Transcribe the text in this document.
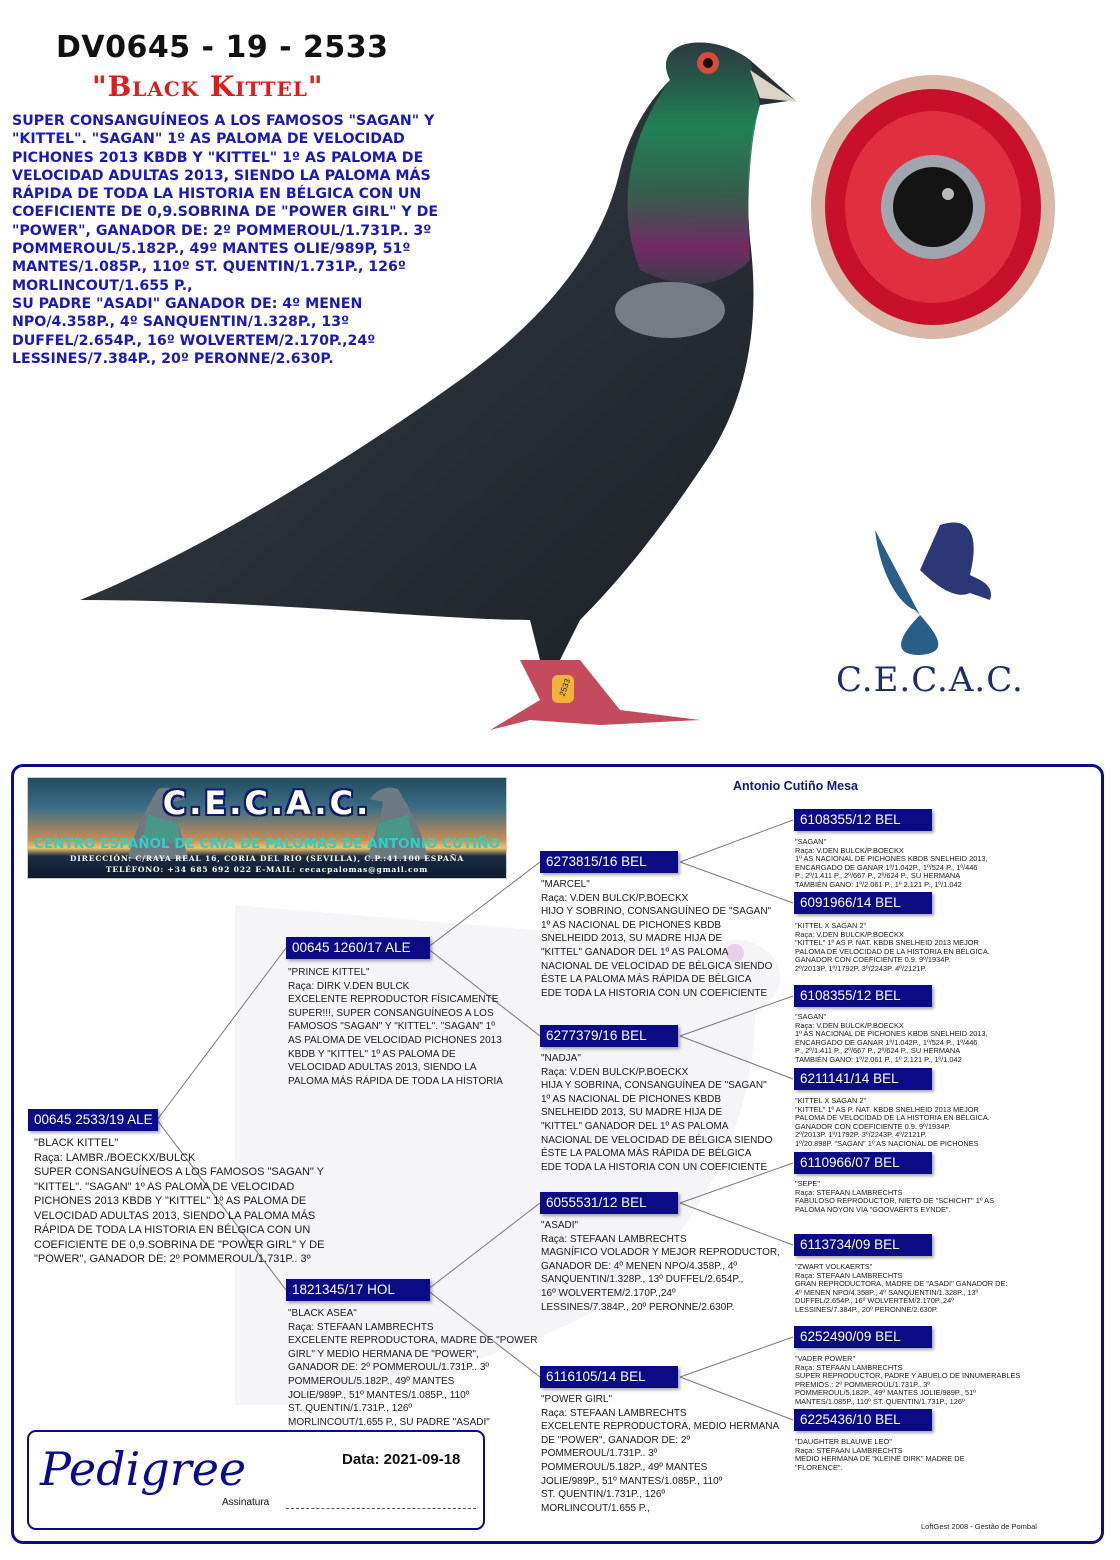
C.E.C.A.C.
DV0645 - 19 - 2533
"Black Kittel"
SUPER CONSANGUÍNEOS A LOS FAMOSOS "SAGAN" Y
"KITTEL". "SAGAN" 1º AS PALOMA DE VELOCIDAD
PICHONES 2013 KBDB Y "KITTEL" 1º AS PALOMA DE
VELOCIDAD ADULTAS 2013, SIENDO LA PALOMA MÁS
RÁPIDA DE TODA LA HISTORIA EN BÉLGICA CON UN
COEFICIENTE DE 0,9.SOBRINA DE "POWER GIRL" Y DE
"POWER", GANADOR DE: 2º POMMEROUL/1.731P.. 3º
POMMEROUL/5.182P., 49º MANTES OLIE/989P, 51º
MANTES/1.085P., 110º ST. QUENTIN/1.731P., 126º
MORLINCOUT/1.655 P.,
SU PADRE "ASADI" GANADOR DE: 4º MENEN
NPO/4.358P., 4º SANQUENTIN/1.328P., 13º
DUFFEL/2.654P., 16º WOLVERTEM/2.170P.,24º
LESSINES/7.384P., 20º PERONNE/2.630P.
2533
C.E.C.A.C.
CENTRO ESPAÑOL DE CRIA DE PALOMAS DE ANTONIO CUTIÑO
DIRECCIÓN: C/RAYA REAL 16, CORIA DEL RIO (SEVILLA), C.P.:41.100 ESPAÑA
TELÉFONO: +34 685 692 022 E-MAIL: cecacpalomas@gmail.com
Antonio Cutiño Mesa
00645 2533/19 ALE
"BLACK KITTEL"
Raça: LAMBR./BOECKX/BULCK
SUPER CONSANGUÍNEOS A LOS FAMOSOS "SAGAN" Y
"KITTEL". "SAGAN" 1º AS PALOMA DE VELOCIDAD
PICHONES 2013 KBDB Y "KITTEL" 1º AS PALOMA DE
VELOCIDAD ADULTAS 2013, SIENDO LA PALOMA MÁS
RÁPIDA DE TODA LA HISTORIA EN BÉLGICA CON UN
COEFICIENTE DE 0,9.SOBRINA DE "POWER GIRL" Y DE
"POWER", GANADOR DE: 2º POMMEROUL/1.731P.. 3º
00645 1260/17 ALE
"PRINCE KITTEL"
Raça: DIRK V.DEN BULCK
EXCELENTE REPRODUCTOR FÍSICAMENTE
SUPER!!!, SUPER CONSANGUÍNEOS A LOS
FAMOSOS "SAGAN" Y "KITTEL". "SAGAN" 1º
AS PALOMA DE VELOCIDAD PICHONES 2013
KBDB Y "KITTEL" 1º AS PALOMA DE
VELOCIDAD ADULTAS 2013, SIENDO LA
PALOMA MÁS RÁPIDA DE TODA LA HISTORIA
1821345/17 HOL
"BLACK ASEA"
Raça: STEFAAN LAMBRECHTS
EXCELENTE REPRODUCTORA, MADRE DE "POWER
GIRL" Y MEDIO HERMANA DE "POWER",
GANADOR DE: 2º POMMEROUL/1.731P.. 3º
POMMEROUL/5.182P., 49º MANTES
JOLIE/989P., 51º MANTES/1.085P., 110º
ST. QUENTIN/1.731P., 126º
MORLINCOUT/1.655 P., SU PADRE "ASADI"
6273815/16 BEL
"MARCEL"
Raça: V.DEN BULCK/P.BOECKX
HIJO Y SOBRINO, CONSANGUÍNEO DE "SAGAN"
1º AS NACIONAL DE PICHONES KBDB
SNELHEIDD 2013, SU MADRE HIJA DE
"KITTEL" GANADOR DEL 1º AS PALOMA
NACIONAL DE VELOCIDAD DE BÉLGICA SIENDO
ÉSTE LA PALOMA MÁS RÁPIDA DE BÉLGICA
EDE TODA LA HISTORIA CON UN COEFICIENTE
6277379/16 BEL
"NADJA"
Raça: V.DEN BULCK/P.BOECKX
HIJA Y SOBRINA, CONSANGUÍNEA DE "SAGAN"
1º AS NACIONAL DE PICHONES KBDB
SNELHEIDD 2013, SU MADRE HIJA DE
"KITTEL" GANADOR DEL 1º AS PALOMA
NACIONAL DE VELOCIDAD DE BÉLGICA SIENDO
ÉSTE LA PALOMA MÁS RÁPIDA DE BÉLGICA
EDE TODA LA HISTORIA CON UN COEFICIENTE
6055531/12 BEL
"ASADI"
Raça: STEFAAN LAMBRECHTS
MAGNÍFICO VOLADOR Y MEJOR REPRODUCTOR,
GANADOR DE: 4º MENEN NPO/4.358P., 4º
SANQUENTIN/1.328P., 13º DUFFEL/2.654P.,
16º WOLVERTEM/2.170P.,24º
LESSINES/7.384P., 20º PERONNE/2.630P.
6116105/14 BEL
"POWER GIRL"
Raça: STEFAAN LAMBRECHTS
EXCELENTE REPRODUCTORA, MEDIO HERMANA
DE "POWER", GANADOR DE: 2º
POMMEROUL/1.731P.. 3º
POMMEROUL/5.182P., 49º MANTES
JOLIE/989P., 51º MANTES/1.085P., 110º
ST. QUENTIN/1.731P., 126º
MORLINCOUT/1.655 P.,
6108355/12 BEL
"SAGAN"
Raça: V.DEN BULCK/P.BOECKX
1º AS NACIONAL DE PICHONES KBDB SNELHEID 2013,
ENCARGADO DE GANAR 1º/1.042P., 1º/524 P., 1º/446
P., 2º/1.411 P., 2º/667 P., 2º/624 P., SU HERMANA
TAMBIÉN GANO: 1º/2.061 P., 1º 2.121 P., 1º/1.042
6091966/14 BEL
"KITTEL X SAGAN 2"
Raça: V.DEN BULCK/P.BOECKX
"KITTEL" 1º AS P. NAT. KBDB SNELHEID 2013 MEJOR
PALOMA DE VELOCIDAD DE LA HISTORIA EN BÉLGICA.
GANADOR CON COEFICIENTE 0.9. 9º/1934P.
2º/2013P. 1º/1792P. 3º/2243P. 4º/2121P.
6108355/12 BEL
"SAGAN"
Raça: V.DEN BULCK/P.BOECKX
1º AS NACIONAL DE PICHONES KBDB SNELHEID 2013,
ENCARGADO DE GANAR 1º/1.042P., 1º/524 P., 1º/446
P., 2º/1.411 P., 2º/667 P., 2º/624 P., SU HERMANA
TAMBIÉN GANO: 1º/2.061 P., 1º 2.121 P., 1º/1.042
6211141/14 BEL
"KITTEL X SAGAN 2"
"KITTEL" 1º AS P. NAT. KBDB SNELHEID 2013 MEJOR
PALOMA DE VELOCIDAD DE LA HISTORIA EN BÉLGICA.
GANADOR CON COEFICIENTE 0.9. 9º/1934P.
2º/2013P. 1º/1792P. 3º/2243P. 4º/2121P.
1º/20.898P. "SAGAN" 1º AS NACIONAL DE PICHONES
6110966/07 BEL
"SEPE"
Raça: STEFAAN LAMBRECHTS
FABULOSO REPRODUCTOR, NIETO DE "SCHICHT" 1º AS
PALOMA NOYON VIA "GOOVAERTS EYNDE".
6113734/09 BEL
"ZWART VOLKAERTS"
Raça: STEFAAN LAMBRECHTS
GRAN REPRODUCTORA, MADRE DE "ASADI" GANADOR DE:
4º MENEN NPO/4.358P., 4º SANQUENTIN/1.328P., 13º
DUFFEL/2.654P., 16º WOLVERTEM/2.170P.,24º
LESSINES/7.384P., 20º PERONNE/2.630P.
6252490/09 BEL
"VADER POWER"
Raça: STEFAAN LAMBRECHTS
SUPER REPRODUCTOR, PADRE Y ABUELO DE INNUMERABLES
PREMIOS.: 2º POMMEROUL/1.731P.. 3º
POMMEROUL/5.182P., 49º MANTES JOLIE/989P., 51º
MANTES/1.085P., 110º ST. QUENTIN/1.731P., 126º
6225436/10 BEL
"DAUGHTER BLAUWE LEO"
Raça: STEFAAN LAMBRECHTS
MEDIO HERMANA DE "KLEINE DIRK" MADRE DE
"FLORENCE".
Pedigree	Data: 2021-09-18
Assinatura
LoftGest 2008 - Gestão de Pombal
